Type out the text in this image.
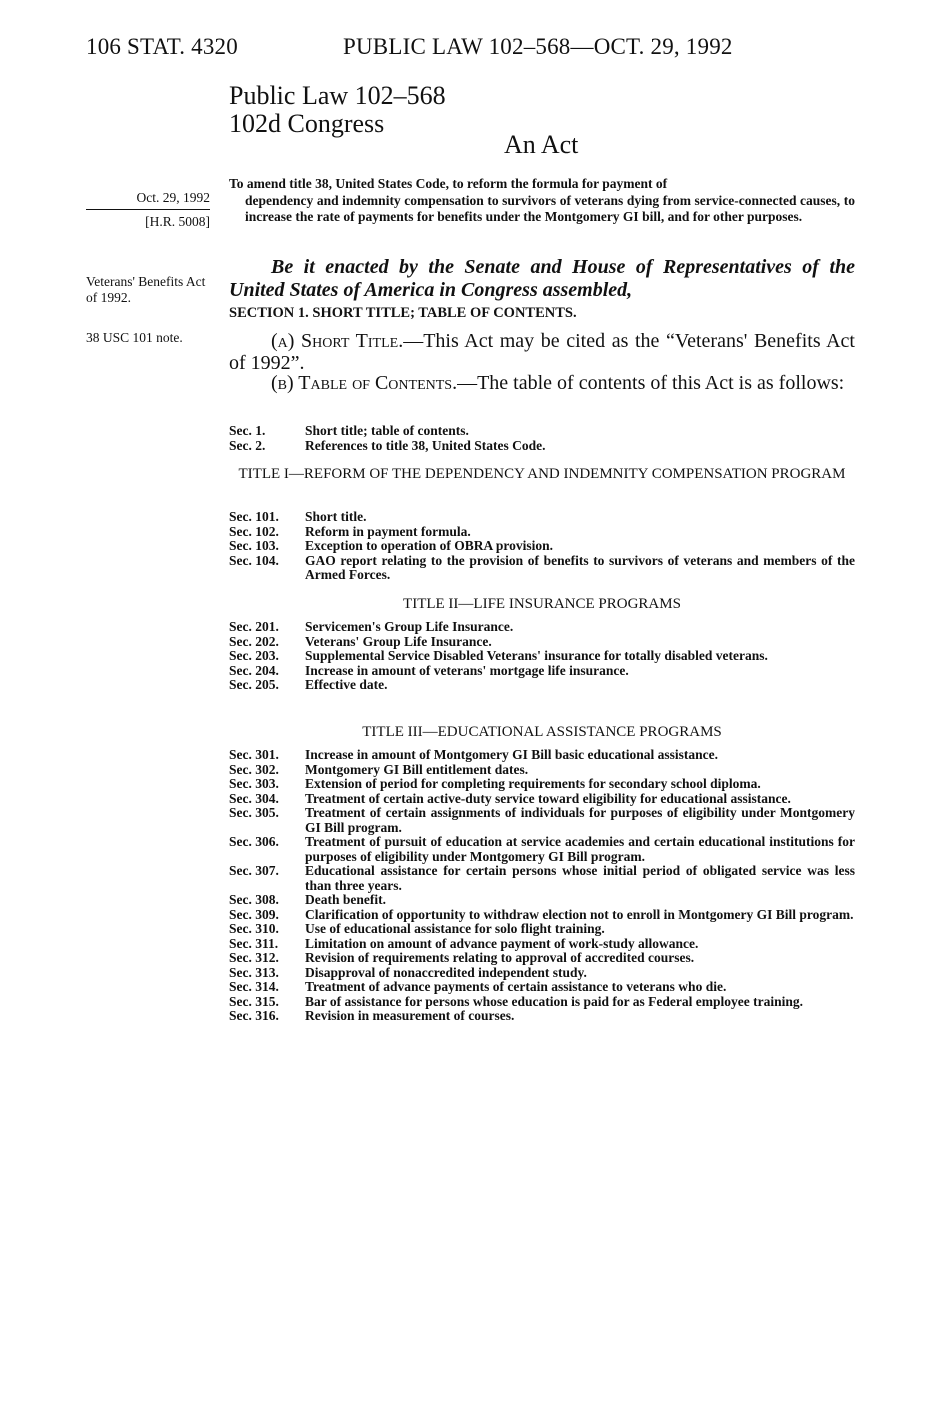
106 STAT. 4320	PUBLIC LAW 102–568—OCT. 29, 1992
Public Law 102–568
102d Congress
An Act
Oct. 29, 1992
[H.R. 5008]
Veterans' Benefits Act of 1992.
38 USC 101 note.
To amend title 38, United States Code, to reform the formula for payment of
dependency and indemnity compensation to survivors of veterans dying from service-connected causes, to increase the rate of payments for benefits under the Montgomery GI bill, and for other purposes.
Be it enacted by the Senate and House of Representatives of the United States of America in Congress assembled,
SECTION 1. SHORT TITLE; TABLE OF CONTENTS.
(a) Short Title.—This Act may be cited as the “Veterans' Benefits Act of 1992”.
(b) Table of Contents.—The table of contents of this Act is as follows:
Sec. 1.	Short title; table of contents.
Sec. 2.	References to title 38, United States Code.
TITLE I—REFORM OF THE DEPENDENCY AND INDEMNITY COMPENSATION PROGRAM
Sec. 101.	Short title.
Sec. 102.	Reform in payment formula.
Sec. 103.	Exception to operation of OBRA provision.
Sec. 104.	GAO report relating to the provision of benefits to survivors of veterans and members of the Armed Forces.
TITLE II—LIFE INSURANCE PROGRAMS
Sec. 201.	Servicemen's Group Life Insurance.
Sec. 202.	Veterans' Group Life Insurance.
Sec. 203.	Supplemental Service Disabled Veterans' insurance for totally disabled veterans.
Sec. 204.	Increase in amount of veterans' mortgage life insurance.
Sec. 205.	Effective date.
TITLE III—EDUCATIONAL ASSISTANCE PROGRAMS
Sec. 301.	Increase in amount of Montgomery GI Bill basic educational assistance.
Sec. 302.	Montgomery GI Bill entitlement dates.
Sec. 303.	Extension of period for completing requirements for secondary school diploma.
Sec. 304.	Treatment of certain active-duty service toward eligibility for educational assistance.
Sec. 305.	Treatment of certain assignments of individuals for purposes of eligibility under Montgomery GI Bill program.
Sec. 306.	Treatment of pursuit of education at service academies and certain educational institutions for purposes of eligibility under Montgomery GI Bill program.
Sec. 307.	Educational assistance for certain persons whose initial period of obligated service was less than three years.
Sec. 308.	Death benefit.
Sec. 309.	Clarification of opportunity to withdraw election not to enroll in Montgomery GI Bill program.
Sec. 310.	Use of educational assistance for solo flight training.
Sec. 311.	Limitation on amount of advance payment of work-study allowance.
Sec. 312.	Revision of requirements relating to approval of accredited courses.
Sec. 313.	Disapproval of nonaccredited independent study.
Sec. 314.	Treatment of advance payments of certain assistance to veterans who die.
Sec. 315.	Bar of assistance for persons whose education is paid for as Federal employee training.
Sec. 316.	Revision in measurement of courses.
